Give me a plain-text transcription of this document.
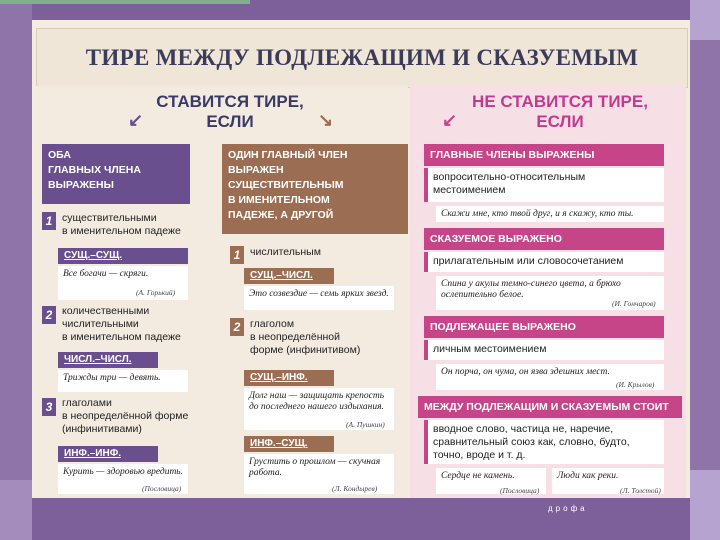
ТИРЕ МЕЖДУ ПОДЛЕЖАЩИМ И СКАЗУЕМЫМ
СТАВИТСЯ ТИРЕ,
ЕСЛИ
↙	↘
НЕ СТАВИТСЯ ТИРЕ,
ЕСЛИ
↙
ОБА
ГЛАВНЫХ ЧЛЕНА
ВЫРАЖЕНЫ
1 существительными
в именительном падеже
СУЩ.–СУЩ.
Все богачи — скряги.
(А. Горький)
2 количественными
числительными
в именительном падеже
ЧИСЛ.–ЧИСЛ.
Трижды три — девять.
3 глаголами
в неопределённой форме
(инфинитивами)
ИНФ.–ИНФ.
Курить — здоровью вредить.
(Пословица)
ОДИН ГЛАВНЫЙ ЧЛЕН
ВЫРАЖЕН
СУЩЕСТВИТЕЛЬНЫМ
В ИМЕНИТЕЛЬНОМ
ПАДЕЖЕ, А ДРУГОЙ
1 числительным
СУЩ.–ЧИСЛ.
Это созвездие — семь ярких звезд.
2 глаголом
в неопределённой
форме (инфинитивом)
СУЩ.–ИНФ.
Долг наш — защищать крепость
до последнего нашего издыхания.
(А. Пушкин)
ИНФ.–СУЩ.
Грустить о прошлом — скучная
работа.
(Л. Кондырев)
ГЛАВНЫЕ ЧЛЕНЫ ВЫРАЖЕНЫ
вопросительно-относительным
местоимением
Скажи мне, кто твой друг, и я скажу, кто ты.
СКАЗУЕМОЕ ВЫРАЖЕНО
прилагательным или словосочетанием
Спина у акулы темно-синего цвета, а брюхо ослепительно белое.
(И. Гончаров)
ПОДЛЕЖАЩЕЕ ВЫРАЖЕНО
личным местоимением
Он порча, он чума, он язва здешних мест.
(И. Крылов)
МЕЖДУ ПОДЛЕЖАЩИМ И СКАЗУЕМЫМ СТОИТ
вводное слово, частица не, наречие,
сравнительный союз как, словно, будто,
точно, вроде и т. д.
Сердце не камень.
(Пословица)
Люди как реки.
(Л. Толстой)
дрофа
